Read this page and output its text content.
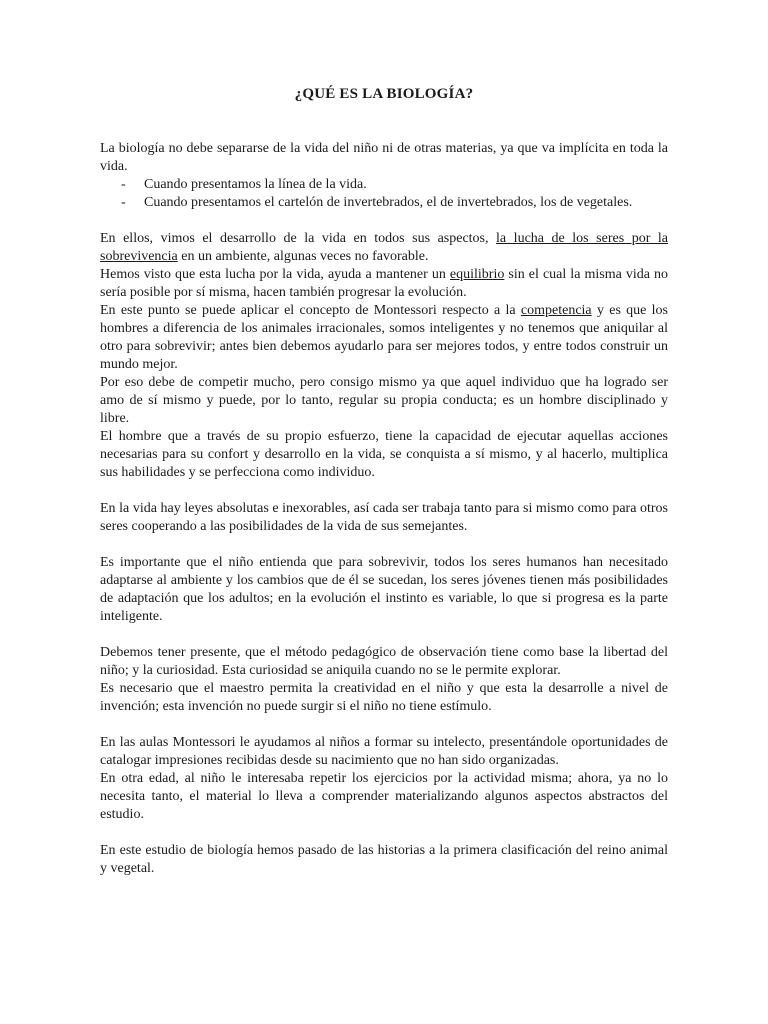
¿QUÉ ES LA BIOLOGÍA?

La biología no debe separarse de la vida del niño ni de otras materias, ya que va implícita en toda la vida.

- Cuando presentamos la línea de la vida.
- Cuando presentamos el cartelón de invertebrados, el de invertebrados, los de vegetales.

En ellos, vimos el desarrollo de la vida en todos sus aspectos, la lucha de los seres por la sobrevivencia en un ambiente, algunas veces no favorable.

Hemos visto que esta lucha por la vida, ayuda a mantener un equilibrio sin el cual la misma vida no sería posible por sí misma, hacen también progresar la evolución.

En este punto se puede aplicar el concepto de Montessori respecto a la competencia y es que los hombres a diferencia de los animales irracionales, somos inteligentes y no tenemos que aniquilar al otro para sobrevivir; antes bien debemos ayudarlo para ser mejores todos, y entre todos construir un mundo mejor.

Por eso debe de competir mucho, pero consigo mismo ya que aquel individuo que ha logrado ser amo de sí mismo y puede, por lo tanto, regular su propia conducta; es un hombre disciplinado y libre.

El hombre que a través de su propio esfuerzo, tiene la capacidad de ejecutar aquellas acciones necesarias para su confort y desarrollo en la vida, se conquista a sí mismo, y al hacerlo, multiplica sus habilidades y se perfecciona como individuo.

En la vida hay leyes absolutas e inexorables, así cada ser trabaja tanto para si mismo como para otros seres cooperando a las posibilidades de la vida de sus semejantes.

Es importante que el niño entienda que para sobrevivir, todos los seres humanos han necesitado adaptarse al ambiente y los cambios que de él se sucedan, los seres jóvenes tienen más posibilidades de adaptación que los adultos; en la evolución el instinto es variable, lo que si progresa es la parte inteligente.

Debemos tener presente, que el método pedagógico de observación tiene como base la libertad del niño; y la curiosidad. Esta curiosidad se aniquila cuando no se le permite explorar.

Es necesario que el maestro permita la creatividad en el niño y que esta la desarrolle a nivel de invención; esta invención no puede surgir si el niño no tiene estímulo.

En las aulas Montessori le ayudamos al niños a formar su intelecto, presentándole oportunidades de catalogar impresiones recibidas desde su nacimiento que no han sido organizadas.

En otra edad, al niño le interesaba repetir los ejercicios por la actividad misma; ahora, ya no lo necesita tanto, el material lo lleva a comprender materializando algunos aspectos abstractos del estudio.

En este estudio de biología hemos pasado de las historias a la primera clasificación del reino animal y vegetal.
